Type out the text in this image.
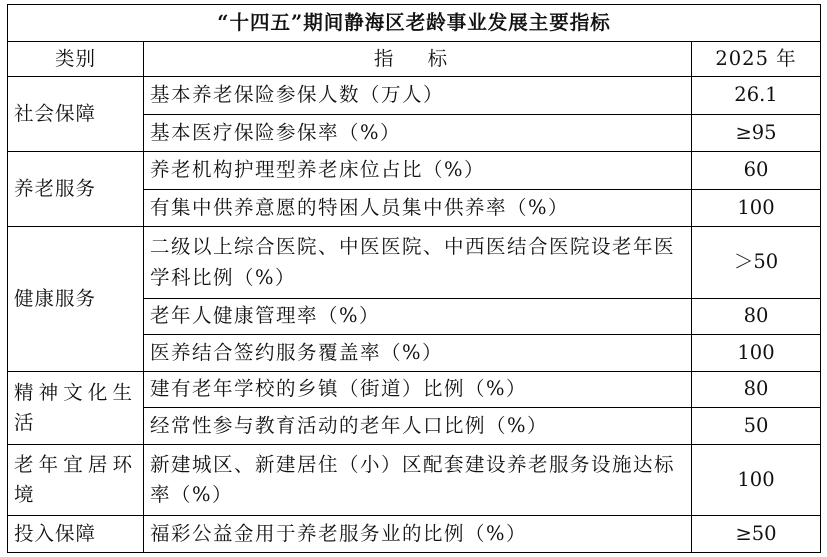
“十四五”期间静海区老龄事业发展主要指标		
类别	指 标	2025 年
社会保障	基本养老保险参保人数（万人）	26.1
	基本医疗保险参保率（%）	≥95
养老服务	养老机构护理型养老床位占比（%）	60
	有集中供养意愿的特困人员集中供养率（%）	100
健康服务	二级以上综合医院、中医医院、中西医结合医院设老年医学科比例（%）	＞50
	老年人健康管理率（%）	80
	医养结合签约服务覆盖率（%）	100
精神文化生活	建有老年学校的乡镇（街道）比例（%）	80
	经常性参与教育活动的老年人口比例（%）	50
老年宜居环境	新建城区、新建居住（小）区配套建设养老服务设施达标率（%）	100
投入保障	福彩公益金用于养老服务业的比例（%）	≥50
